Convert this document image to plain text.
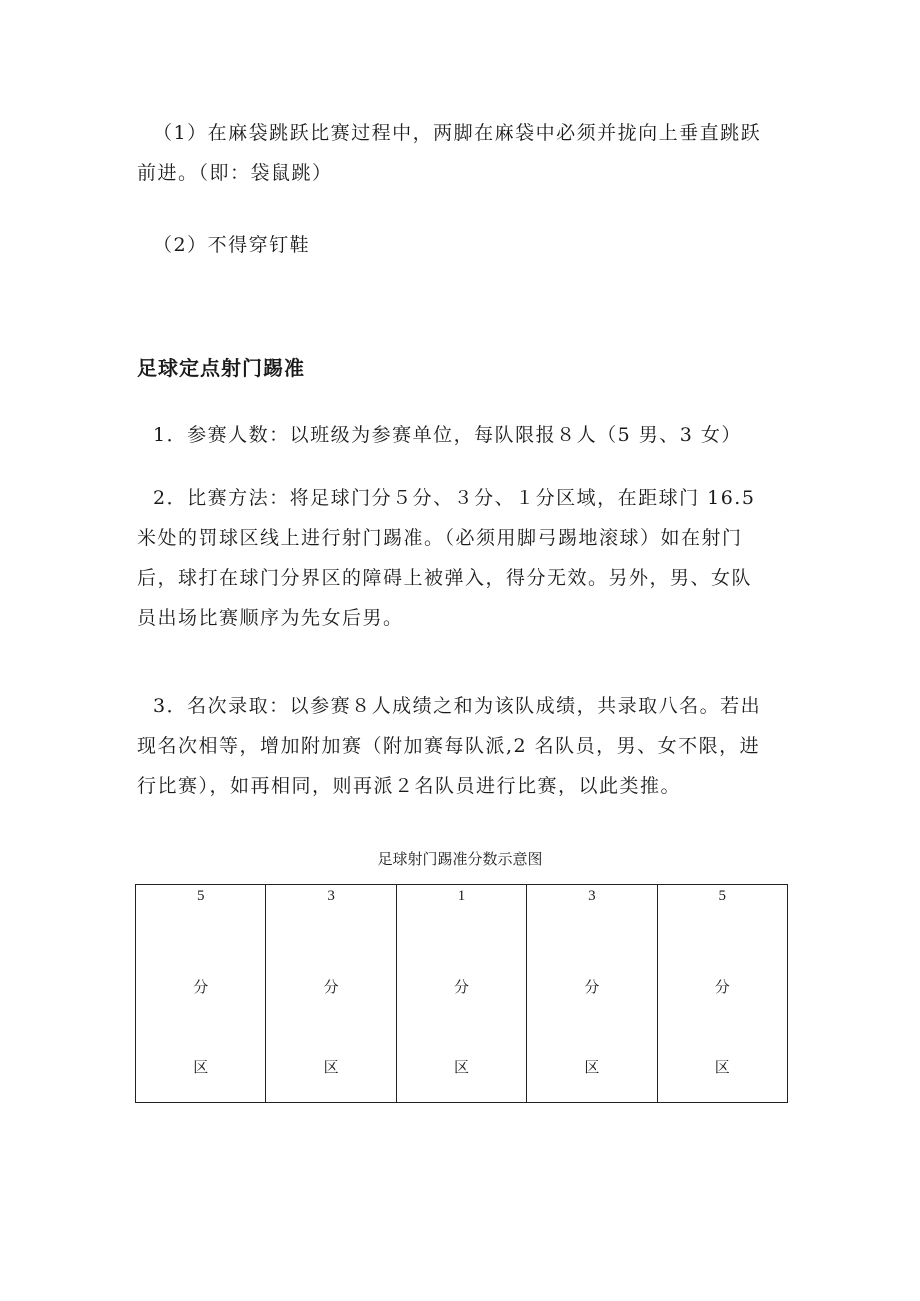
（1）在麻袋跳跃比赛过程中，两脚在麻袋中必须并拢向上垂直跳跃
前进。（即：袋鼠跳）

（2）不得穿钉鞋

足球定点射门踢准

1．参赛人数：以班级为参赛单位，每队限报８人（5 男、3 女）

2．比赛方法：将足球门分５分、３分、１分区域，在距球门 16.5
米处的罚球区线上进行射门踢准。（必须用脚弓踢地滚球）如在射门
后，球打在球门分界区的障碍上被弹入，得分无效。另外，男、女队
员出场比赛顺序为先女后男。

3．名次录取：以参赛８人成绩之和为该队成绩，共录取八名。若出
现名次相等，增加附加赛（附加赛每队派,2 名队员，男、女不限，进
行比赛），如再相同，则再派２名队员进行比赛，以此类推。

足球射门踢准分数示意图

5
分
区

3
分
区

1
分
区

3
分
区

5
分
区
